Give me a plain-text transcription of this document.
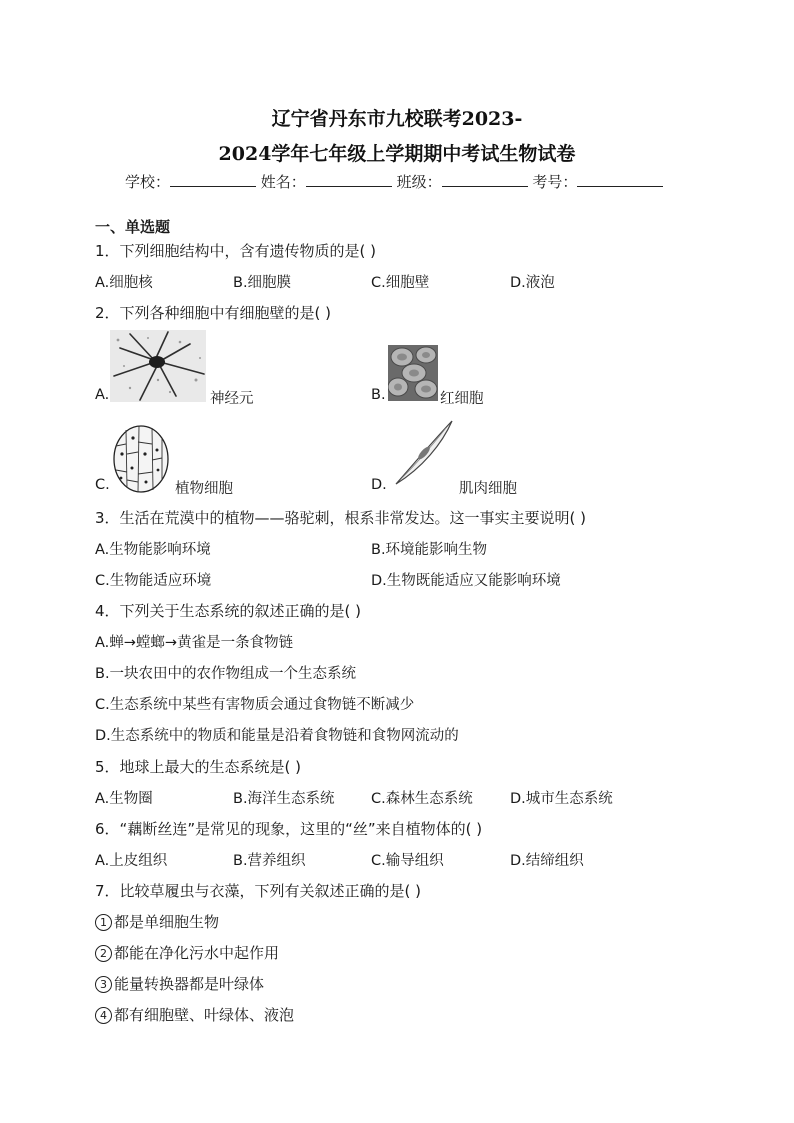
辽宁省丹东市九校联考2023-
2024学年七年级上学期期中考试生物试卷
学校：	姓名：	班级：	考号：
一、单选题
1．下列细胞结构中，含有遗传物质的是( )
A.细胞核	B.细胞膜	C.细胞壁	D.液泡
2．下列各种细胞中有细胞壁的是( )
A.	神经元	B.	红细胞
C.	植物细胞	D.	肌肉细胞
3．生活在荒漠中的植物——骆驼刺，根系非常发达。这一事实主要说明( )
A.生物能影响环境	B.环境能影响生物
C.生物能适应环境	D.生物既能适应又能影响环境
4．下列关于生态系统的叙述正确的是( )
A.蝉→螳螂→黄雀是一条食物链
B.一块农田中的农作物组成一个生态系统
C.生态系统中某些有害物质会通过食物链不断减少
D.生态系统中的物质和能量是沿着食物链和食物网流动的
5．地球上最大的生态系统是( )
A.生物圈	B.海洋生态系统	C.森林生态系统	D.城市生态系统
6．“藕断丝连”是常见的现象，这里的“丝”来自植物体的( )
A.上皮组织	B.营养组织	C.输导组织	D.结缔组织
7．比较草履虫与衣藻，下列有关叙述正确的是( )
1 都是单细胞生物
2 都能在净化污水中起作用
3 能量转换器都是叶绿体
4 都有细胞壁、叶绿体、液泡
